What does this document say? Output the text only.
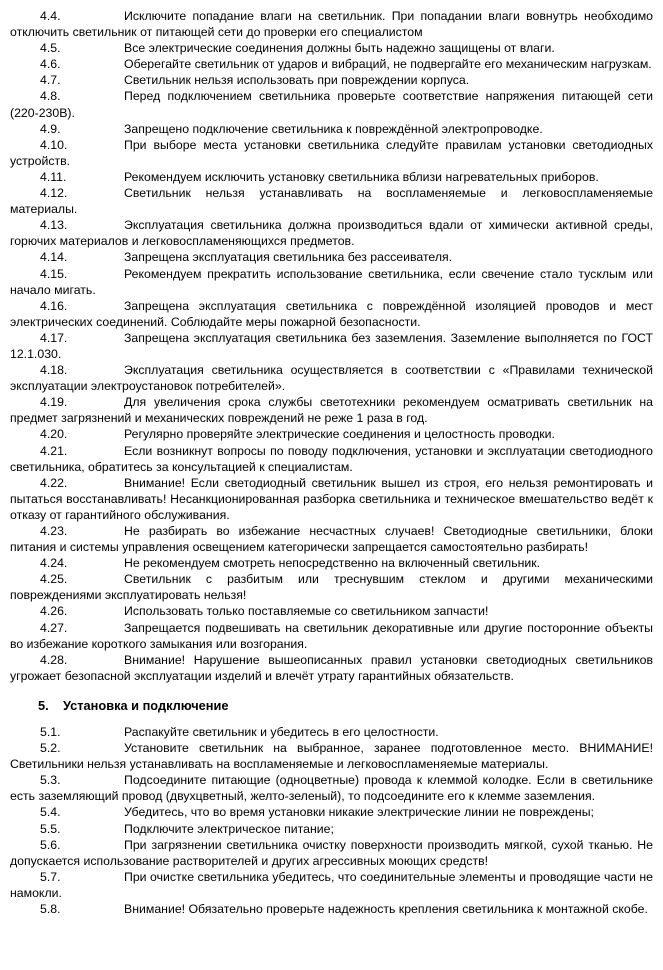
4.4.	Исключите попадание влаги на светильник. При попадании влаги вовнутрь необходимо отключить светильник от питающей сети до проверки его специалистом

4.5.	Все электрические соединения должны быть надежно защищены от влаги.

4.6.	Оберегайте светильник от ударов и вибраций, не подвергайте его механическим нагрузкам.

4.7.	Светильник нельзя использовать при повреждении корпуса.

4.8.	Перед подключением светильника проверьте соответствие напряжения питающей сети (220-230В).

4.9.	Запрещено подключение светильника к повреждённой электропроводке.

4.10.	При выборе места установки светильника следуйте правилам установки светодиодных устройств.

4.11.	Рекомендуем исключить установку светильника вблизи нагревательных приборов.

4.12.	Светильник нельзя устанавливать на воспламеняемые и легковоспламеняемые материалы.

4.13.	Эксплуатация светильника должна производиться вдали от химически активной среды, горючих материалов и легковоспламеняющихся предметов.

4.14.	Запрещена эксплуатация светильника без рассеивателя.

4.15.	Рекомендуем прекратить использование светильника, если свечение стало тусклым или начало мигать.

4.16.	Запрещена эксплуатация светильника с повреждённой изоляцией проводов и мест электрических соединений. Соблюдайте меры пожарной безопасности.

4.17.	Запрещена эксплуатация светильника без заземления. Заземление выполняется по ГОСТ 12.1.030.

4.18.	Эксплуатация светильника осуществляется в соответствии с «Правилами технической эксплуатации электроустановок потребителей».

4.19.	Для увеличения срока службы светотехники рекомендуем осматривать светильник на предмет загрязнений и механических повреждений не реже 1 раза в год.

4.20.	Регулярно проверяйте электрические соединения и целостность проводки.

4.21.	Если возникнут вопросы по поводу подключения, установки и эксплуатации светодиодного светильника, обратитесь за консультацией к специалистам.

4.22.	Внимание! Если светодиодный светильник вышел из строя, его нельзя ремонтировать и пытаться восстанавливать! Несанкционированная разборка светильника и техническое вмешательство ведёт к отказу от гарантийного обслуживания.

4.23.	Не разбирать во избежание несчастных случаев! Светодиодные светильники, блоки питания и системы управления освещением категорически запрещается самостоятельно разбирать!

4.24.	Не рекомендуем смотреть непосредственно на включенный светильник.

4.25.	Светильник с разбитым или треснувшим стеклом и другими механическими повреждениями эксплуатировать нельзя!

4.26.	Использовать только поставляемые со светильником запчасти!

4.27.	Запрещается подвешивать на светильник декоративные или другие посторонние объекты во избежание короткого замыкания или возгорания.

4.28.	Внимание! Нарушение вышеописанных правил установки светодиодных светильников угрожает безопасной эксплуатации изделий и влечёт утрату гарантийных обязательств.

5. Установка и подключение

5.1.	Распакуйте светильник и убедитесь в его целостности.

5.2.	Установите светильник на выбранное, заранее подготовленное место. ВНИМАНИЕ! Светильники нельзя устанавливать на воспламеняемые и легковоспламеняемые материалы.

5.3.	Подсоедините питающие (одноцветные) провода к клеммой колодке. Если в светильнике есть заземляющий провод (двухцветный, желто-зеленый), то подсоедините его к клемме заземления.

5.4.	Убедитесь, что во время установки никакие электрические линии не повреждены;

5.5.	Подключите электрическое питание;

5.6.	При загрязнении светильника очистку поверхности производить мягкой, сухой тканью. Не допускается использование растворителей и других агрессивных моющих средств!

5.7.	При очистке светильника убедитесь, что соединительные элементы и проводящие части не намокли.

5.8.	Внимание! Обязательно проверьте надежность крепления светильника к монтажной скобе.
